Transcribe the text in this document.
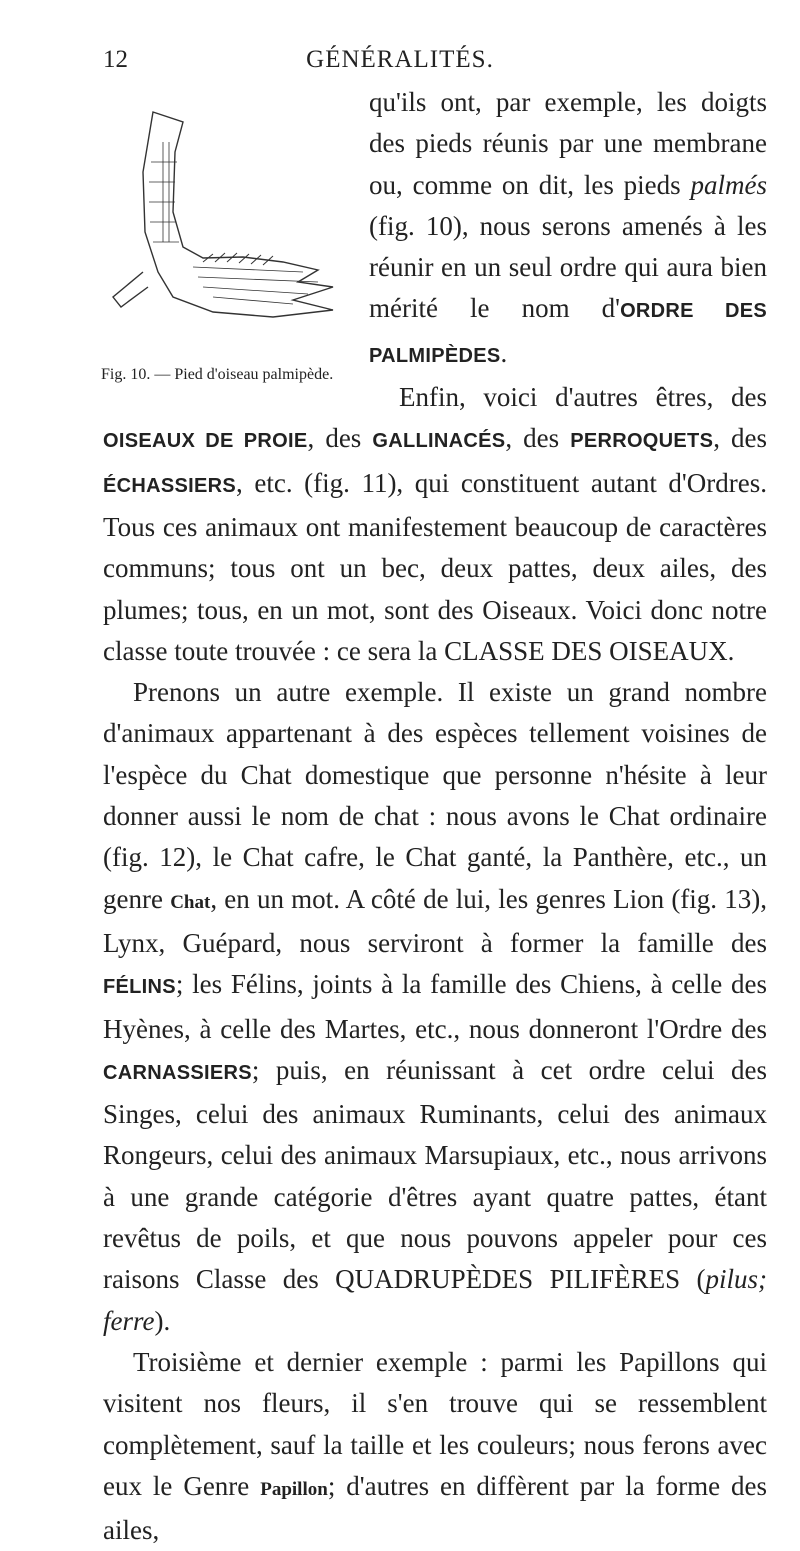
12	GÉNÉRALITÉS.
Fig. 10. — Pied d'oiseau palmipède.

qu'ils ont, par exemple, les doigts des pieds réunis par une membrane ou, comme on dit, les pieds palmés (fig. 10), nous serons amenés à les réunir en un seul ordre qui aura bien mérité le nom d'ORDRE DES PALMIPÈDES.

Enfin, voici d'autres êtres, des OISEAUX DE PROIE, des GALLINACÉS, des PERROQUETS, des ÉCHASSIERS, etc. (fig. 11), qui constituent autant d'Ordres. Tous ces animaux ont manifestement beaucoup de caractères communs; tous ont un bec, deux pattes, deux ailes, des plumes; tous, en un mot, sont des Oiseaux. Voici donc notre classe toute trouvée : ce sera la CLASSE DES OISEAUX.

Prenons un autre exemple. Il existe un grand nombre d'animaux appartenant à des espèces tellement voisines de l'espèce du Chat domestique que personne n'hésite à leur donner aussi le nom de chat : nous avons le Chat ordinaire (fig. 12), le Chat cafre, le Chat ganté, la Panthère, etc., un genre Chat, en un mot. A côté de lui, les genres Lion (fig. 13), Lynx, Guépard, nous serviront à former la famille des FÉLINS; les Félins, joints à la famille des Chiens, à celle des Hyènes, à celle des Martes, etc., nous donneront l'Ordre des CARNASSIERS; puis, en réunissant à cet ordre celui des Singes, celui des animaux Ruminants, celui des animaux Rongeurs, celui des animaux Marsupiaux, etc., nous arrivons à une grande catégorie d'êtres ayant quatre pattes, étant revêtus de poils, et que nous pouvons appeler pour ces raisons Classe des QUADRUPÈDES PILIFÈRES (pilus; ferre).

Troisième et dernier exemple : parmi les Papillons qui visitent nos fleurs, il s'en trouve qui se ressemblent complètement, sauf la taille et les couleurs; nous ferons avec eux le Genre Papillon; d'autres en diffèrent par la forme des ailes,
